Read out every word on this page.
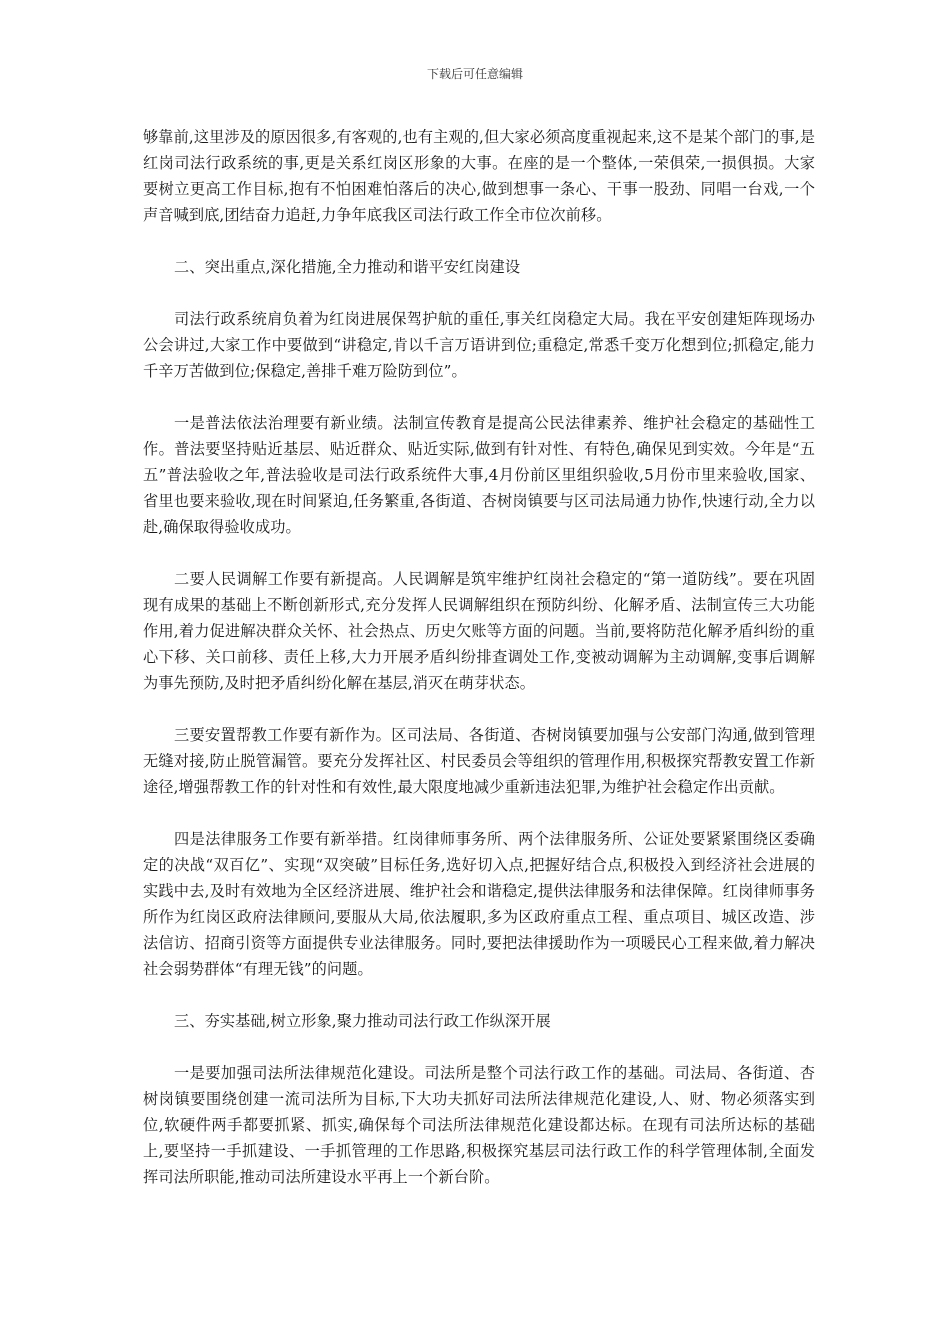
下载后可任意编辑

够靠前,这里涉及的原因很多,有客观的,也有主观的,但大家必须高度重视起来,这不是某个部门的事,是红岗司法行政系统的事,更是关系红岗区形象的大事。在座的是一个整体,一荣俱荣,一损俱损。大家要树立更高工作目标,抱有不怕困难怕落后的决心,做到想事一条心、干事一股劲、同唱一台戏,一个声音喊到底,团结奋力追赶,力争年底我区司法行政工作全市位次前移。

二、突出重点,深化措施,全力推动和谐平安红岗建设

司法行政系统肩负着为红岗进展保驾护航的重任,事关红岗稳定大局。我在平安创建矩阵现场办公会讲过,大家工作中要做到“讲稳定,肯以千言万语讲到位;重稳定,常悉千变万化想到位;抓稳定,能力千辛万苦做到位;保稳定,善排千难万险防到位”。

一是普法依法治理要有新业绩。法制宣传教育是提高公民法律素养、维护社会稳定的基础性工作。普法要坚持贴近基层、贴近群众、贴近实际,做到有针对性、有特色,确保见到实效。今年是“五五”普法验收之年,普法验收是司法行政系统件大事,4月份前区里组织验收,5月份市里来验收,国家、省里也要来验收,现在时间紧迫,任务繁重,各街道、杏树岗镇要与区司法局通力协作,快速行动,全力以赴,确保取得验收成功。

二要人民调解工作要有新提高。人民调解是筑牢维护红岗社会稳定的“第一道防线”。要在巩固现有成果的基础上不断创新形式,充分发挥人民调解组织在预防纠纷、化解矛盾、法制宣传三大功能作用,着力促进解决群众关怀、社会热点、历史欠账等方面的问题。当前,要将防范化解矛盾纠纷的重心下移、关口前移、责任上移,大力开展矛盾纠纷排查调处工作,变被动调解为主动调解,变事后调解为事先预防,及时把矛盾纠纷化解在基层,消灭在萌芽状态。

三要安置帮教工作要有新作为。区司法局、各街道、杏树岗镇要加强与公安部门沟通,做到管理无缝对接,防止脱管漏管。要充分发挥社区、村民委员会等组织的管理作用,积极探究帮教安置工作新途径,增强帮教工作的针对性和有效性,最大限度地减少重新违法犯罪,为维护社会稳定作出贡献。

四是法律服务工作要有新举措。红岗律师事务所、两个法律服务所、公证处要紧紧围绕区委确定的决战“双百亿”、实现“双突破”目标任务,选好切入点,把握好结合点,积极投入到经济社会进展的实践中去,及时有效地为全区经济进展、维护社会和谐稳定,提供法律服务和法律保障。红岗律师事务所作为红岗区政府法律顾问,要服从大局,依法履职,多为区政府重点工程、重点项目、城区改造、涉法信访、招商引资等方面提供专业法律服务。同时,要把法律援助作为一项暖民心工程来做,着力解决社会弱势群体“有理无钱”的问题。

三、夯实基础,树立形象,聚力推动司法行政工作纵深开展

一是要加强司法所法律规范化建设。司法所是整个司法行政工作的基础。司法局、各街道、杏树岗镇要围绕创建一流司法所为目标,下大功夫抓好司法所法律规范化建设,人、财、物必须落实到位,软硬件两手都要抓紧、抓实,确保每个司法所法律规范化建设都达标。在现有司法所达标的基础上,要坚持一手抓建设、一手抓管理的工作思路,积极探究基层司法行政工作的科学管理体制,全面发挥司法所职能,推动司法所建设水平再上一个新台阶。
